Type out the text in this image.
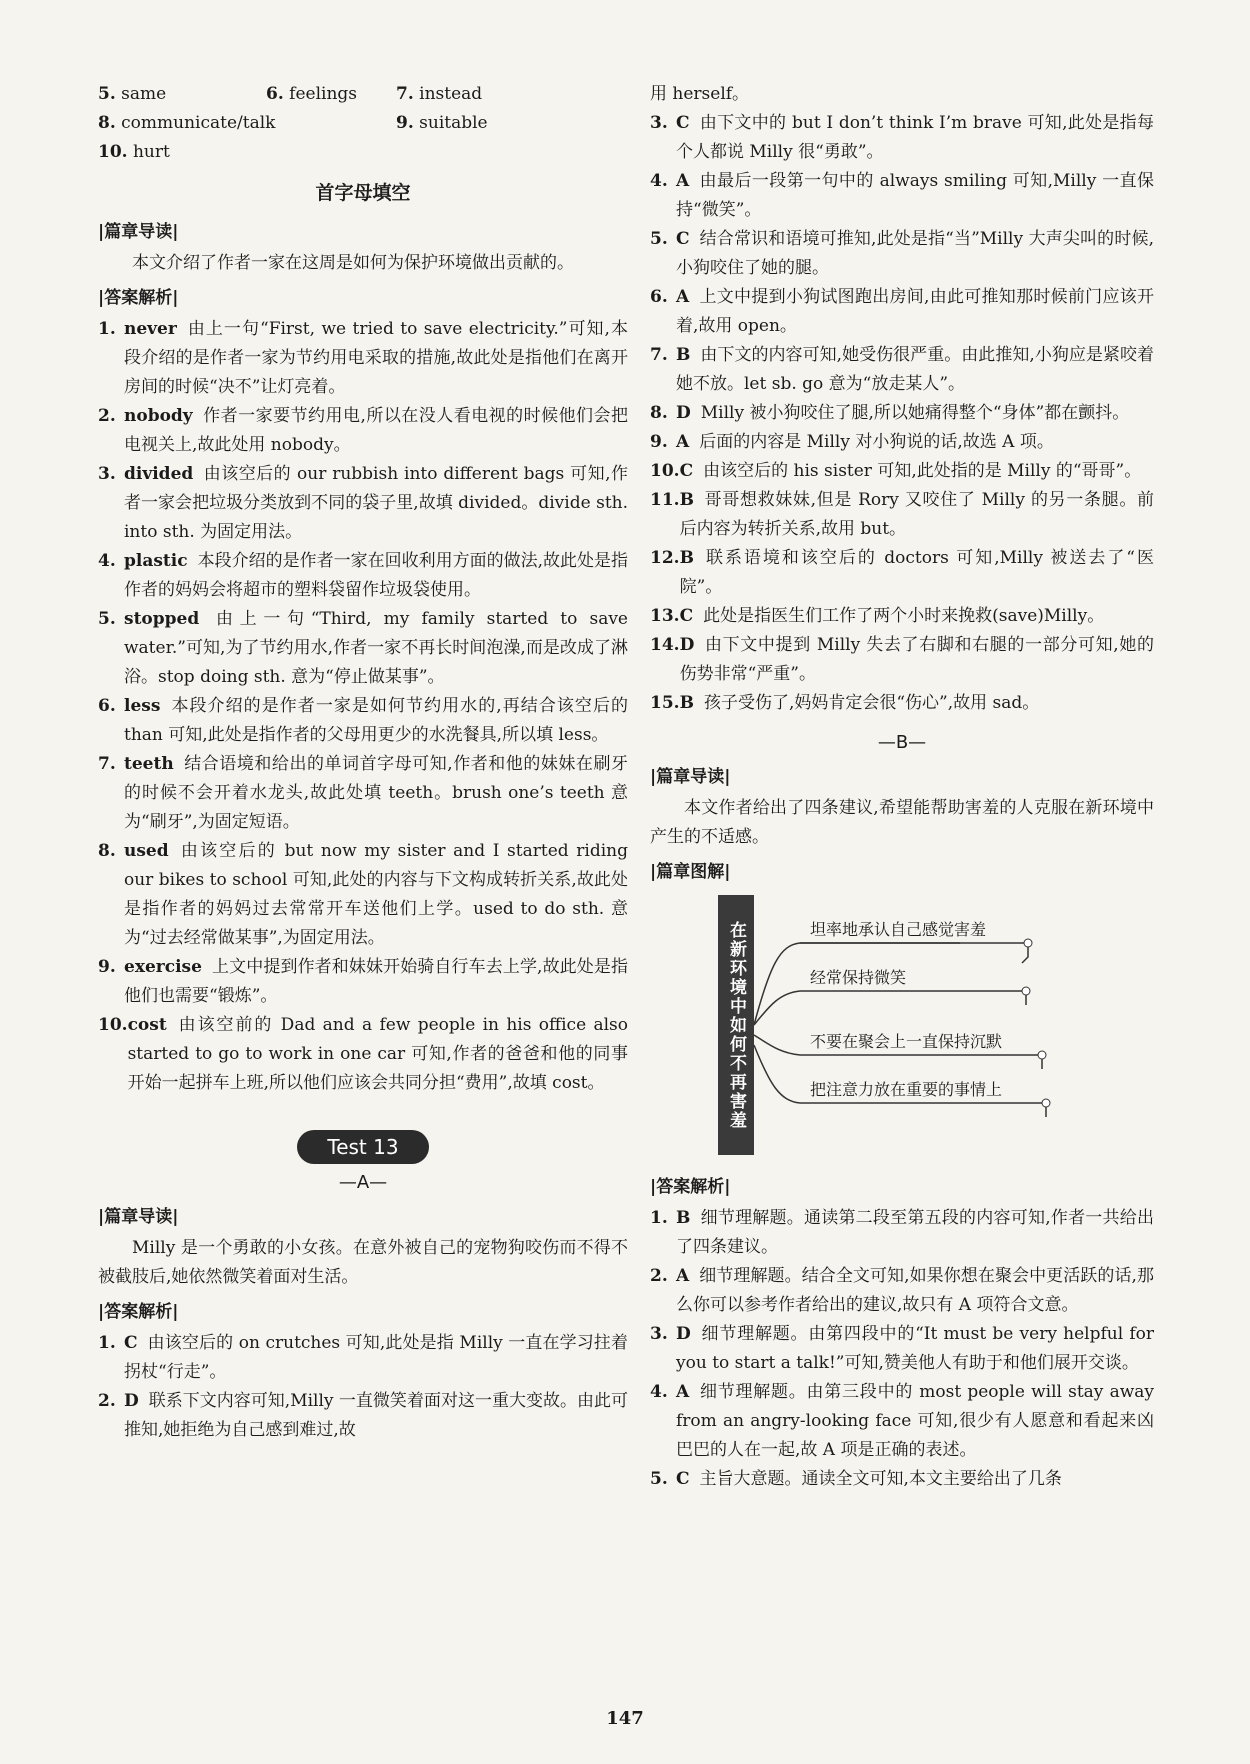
5. same	6. feelings	7. instead
8. communicate/talk	9. suitable
10. hurt
首字母填空
|篇章导读|

本文介绍了作者一家在这周是如何为保护环境做出贡献的。

|答案解析|
1. never 由上一句“First, we tried to save electricity.”可知,本段介绍的是作者一家为节约用电采取的措施,故此处是指他们在离开房间的时候“决不”让灯亮着。
2. nobody 作者一家要节约用电,所以在没人看电视的时候他们会把电视关上,故此处用 nobody。
3. divided 由该空后的 our rubbish into different bags 可知,作者一家会把垃圾分类放到不同的袋子里,故填 divided。divide sth. into sth. 为固定用法。
4. plastic 本段介绍的是作者一家在回收利用方面的做法,故此处是指作者的妈妈会将超市的塑料袋留作垃圾袋使用。
5. stopped 由上一句“Third, my family started to save water.”可知,为了节约用水,作者一家不再长时间泡澡,而是改成了淋浴。stop doing sth. 意为“停止做某事”。
6. less 本段介绍的是作者一家是如何节约用水的,再结合该空后的 than 可知,此处是指作者的父母用更少的水洗餐具,所以填 less。
7. teeth 结合语境和给出的单词首字母可知,作者和他的妹妹在刷牙的时候不会开着水龙头,故此处填 teeth。brush one’s teeth 意为“刷牙”,为固定短语。
8. used 由该空后的 but now my sister and I started riding our bikes to school 可知,此处的内容与下文构成转折关系,故此处是指作者的妈妈过去常常开车送他们上学。used to do sth. 意为“过去经常做某事”,为固定用法。
9. exercise 上文中提到作者和妹妹开始骑自行车去上学,故此处是指他们也需要“锻炼”。
10. cost 由该空前的 Dad and a few people in his office also started to go to work in one car 可知,作者的爸爸和他的同事开始一起拼车上班,所以他们应该会共同分担“费用”,故填 cost。
Test 13
—A—
|篇章导读|

Milly 是一个勇敢的小女孩。在意外被自己的宠物狗咬伤而不得不被截肢后,她依然微笑着面对生活。

|答案解析|
1. C 由该空后的 on crutches 可知,此处是指 Milly 一直在学习拄着拐杖“行走”。
2. D 联系下文内容可知,Milly 一直微笑着面对这一重大变故。由此可推知,她拒绝为自己感到难过,故
用 herself。
3. C 由下文中的 but I don’t think I’m brave 可知,此处是指每个人都说 Milly 很“勇敢”。
4. A 由最后一段第一句中的 always smiling 可知,Milly 一直保持“微笑”。
5. C 结合常识和语境可推知,此处是指“当”Milly 大声尖叫的时候,小狗咬住了她的腿。
6. A 上文中提到小狗试图跑出房间,由此可推知那时候前门应该开着,故用 open。
7. B 由下文的内容可知,她受伤很严重。由此推知,小狗应是紧咬着她不放。let sb. go 意为“放走某人”。
8. D Milly 被小狗咬住了腿,所以她痛得整个“身体”都在颤抖。
9. A 后面的内容是 Milly 对小狗说的话,故选 A 项。
10. C 由该空后的 his sister 可知,此处指的是 Milly 的“哥哥”。
11. B 哥哥想救妹妹,但是 Rory 又咬住了 Milly 的另一条腿。前后内容为转折关系,故用 but。
12. B 联系语境和该空后的 doctors 可知,Milly 被送去了“医院”。
13. C 此处是指医生们工作了两个小时来挽救(save)Milly。
14. D 由下文中提到 Milly 失去了右脚和右腿的一部分可知,她的伤势非常“严重”。
15. B 孩子受伤了,妈妈肯定会很“伤心”,故用 sad。
—B—
|篇章导读|

本文作者给出了四条建议,希望能帮助害羞的人克服在新环境中产生的不适感。

|篇章图解|
在新环境中如何不再害羞	坦率地承认自己感觉害羞
经常保持微笑
不要在聚会上一直保持沉默
把注意力放在重要的事情上
|答案解析|
1. B 细节理解题。通读第二段至第五段的内容可知,作者一共给出了四条建议。
2. A 细节理解题。结合全文可知,如果你想在聚会中更活跃的话,那么你可以参考作者给出的建议,故只有 A 项符合文意。
3. D 细节理解题。由第四段中的“It must be very helpful for you to start a talk!”可知,赞美他人有助于和他们展开交谈。
4. A 细节理解题。由第三段中的 most people will stay away from an angry-looking face 可知,很少有人愿意和看起来凶巴巴的人在一起,故 A 项是正确的表述。
5. C 主旨大意题。通读全文可知,本文主要给出了几条
147
